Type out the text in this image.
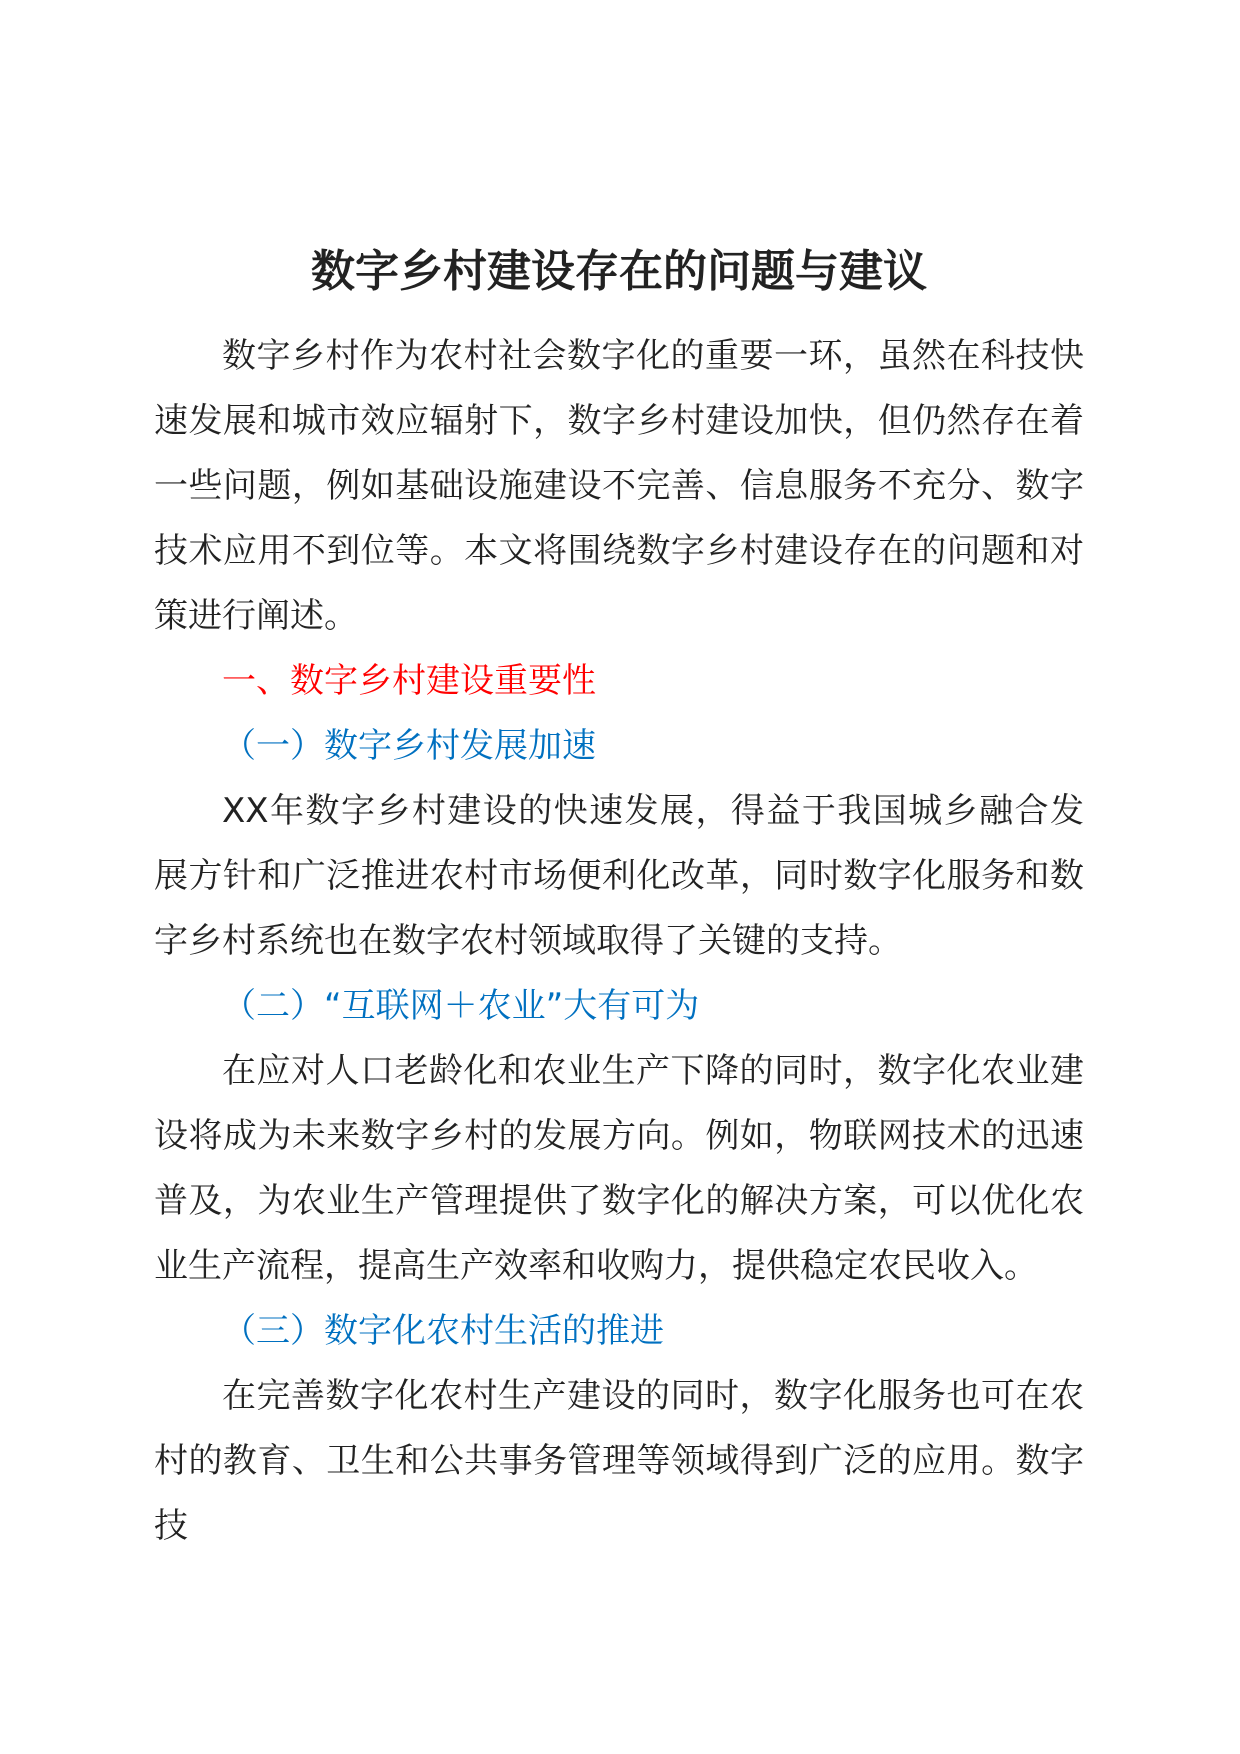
数字乡村建设存在的问题与建议

数字乡村作为农村社会数字化的重要一环，虽然在科技快速发展和城市效应辐射下，数字乡村建设加快，但仍然存在着一些问题，例如基础设施建设不完善、信息服务不充分、数字技术应用不到位等。本文将围绕数字乡村建设存在的问题和对策进行阐述。

一、数字乡村建设重要性

（一）数字乡村发展加速

XX年数字乡村建设的快速发展，得益于我国城乡融合发展方针和广泛推进农村市场便利化改革，同时数字化服务和数字乡村系统也在数字农村领域取得了关键的支持。

（二）“互联网＋农业”大有可为

在应对人口老龄化和农业生产下降的同时，数字化农业建设将成为未来数字乡村的发展方向。例如，物联网技术的迅速普及，为农业生产管理提供了数字化的解决方案，可以优化农业生产流程，提高生产效率和收购力，提供稳定农民收入。

（三）数字化农村生活的推进

在完善数字化农村生产建设的同时，数字化服务也可在农村的教育、卫生和公共事务管理等领域得到广泛的应用。数字技
